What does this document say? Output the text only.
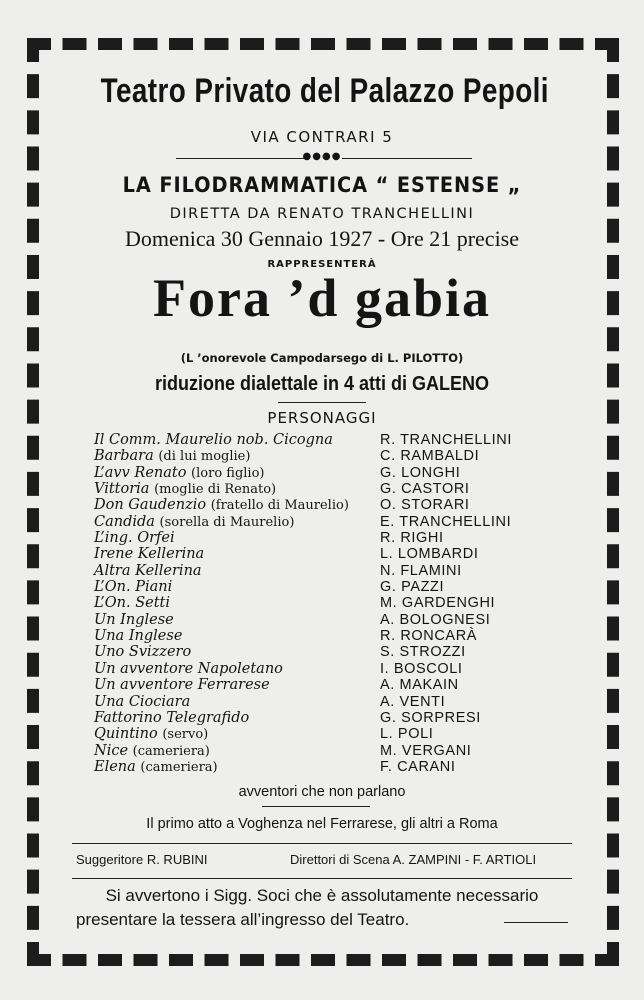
Teatro Privato del Palazzo Pepoli
VIA CONTRARI 5
●●●●
LA FILODRAMMATICA “ ESTENSE „
DIRETTA DA RENATO TRANCHELLINI
Domenica 30 Gennaio 1927 - Ore 21 precise
RAPPRESENTERÀ
Fora ’d gabia
(L ’onorevole Campodarsego di L. PILOTTO)
riduzione dialettale in 4 atti di GALENO
PERSONAGGI
Il Comm. Maurelio nob. Cicogna	R. TRANCHELLINI
Barbara (di lui moglie)	C. RAMBALDI
L’avv Renato (loro figlio)	G. LONGHI
Vittoria (moglie di Renato)	G. CASTORI
Don Gaudenzio (fratello di Maurelio) O. STORARI
Candida (sorella di Maurelio)	E. TRANCHELLINI
L’ing. Orfei	R. RIGHI
Irene Kellerina	L. LOMBARDI
Altra Kellerina	N. FLAMINI
L’On. Piani	G. PAZZI
L’On. Setti	M. GARDENGHI
Un Inglese	A. BOLOGNESI
Una Inglese	R. RONCARÀ
Uno Svizzero	S. STROZZI
Un avventore Napoletano	I. BOSCOLI
Un avventore Ferrarese	A. MAKAIN
Una Ciociara	A. VENTI
Fattorino Telegrafido	G. SORPRESI
Quintino (servo)	L. POLI
Nice (cameriera)	M. VERGANI
Elena (cameriera)	F. CARANI
avventori che non parlano
Il primo atto a Voghenza nel Ferrarese, gli altri a Roma
Suggeritore R. RUBINI	Direttori di Scena A. ZAMPINI - F. ARTIOLI
Si avvertono i Sigg. Soci che è assolutamente necessario
presentare la tessera all’ingresso del Teatro.
